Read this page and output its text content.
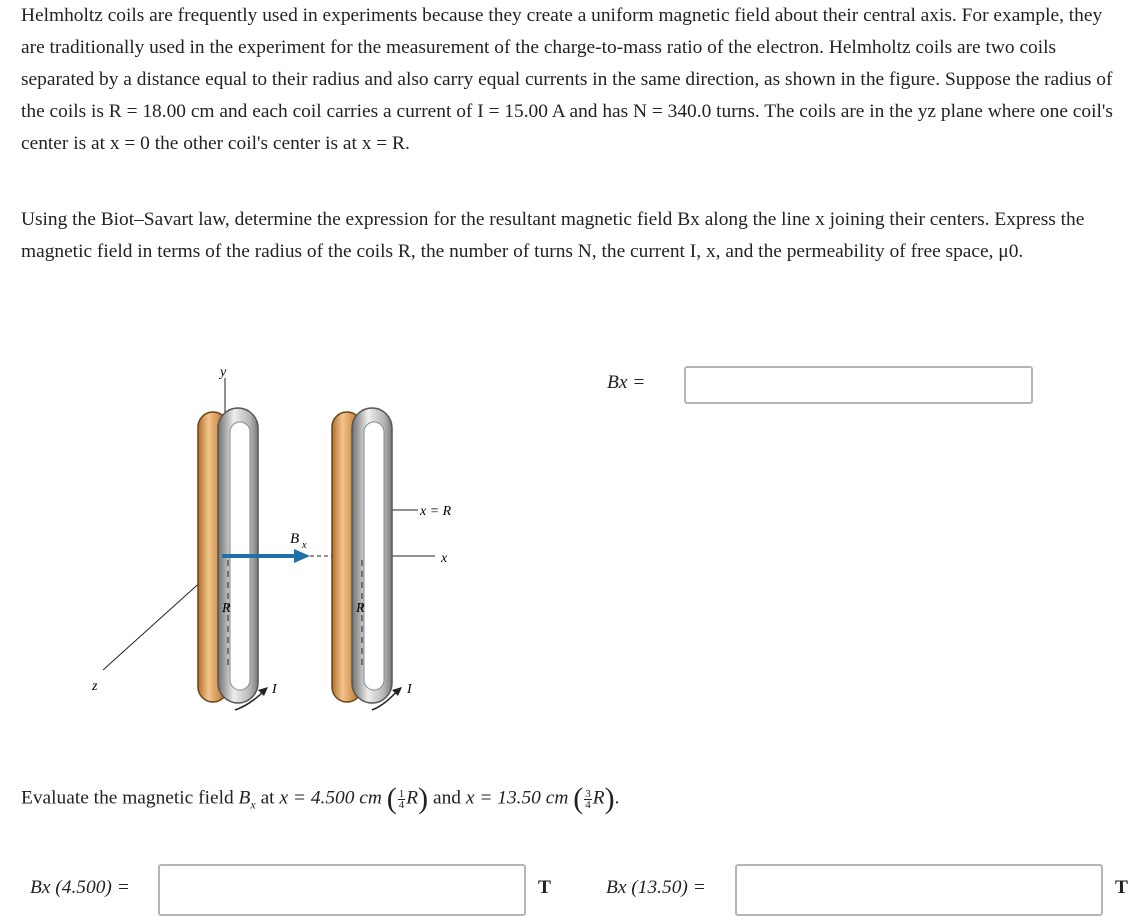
Helmholtz coils are frequently used in experiments because they create a uniform magnetic field about their central axis. For example, they are traditionally used in the experiment for the measurement of the charge-to-mass ratio of the electron. Helmholtz coils are two coils separated by a distance equal to their radius and also carry equal currents in the same direction, as shown in the figure. Suppose the radius of the coils is R = 18.00 cm and each coil carries a current of I = 15.00 A and has N = 340.0 turns. The coils are in the yz plane where one coil's center is at x = 0 the other coil's center is at x = R.

Using the Biot–Savart law, determine the expression for the resultant magnetic field Bx along the line x joining their centers. Express the magnetic field in terms of the radius of the coils R, the number of turns N, the current I, x, and the permeability of free space, μ0.

y
z
x
x = R
B x
R	R
I	I
Bx =
Evaluate the magnetic field $B_x$ at x = 4.500 cm ( $\frac{1}{4} R$) and x = 13.50 cm ( $\frac{3}{4} R$).
Bx (4.500) =	T	Bx (13.50) =	T
